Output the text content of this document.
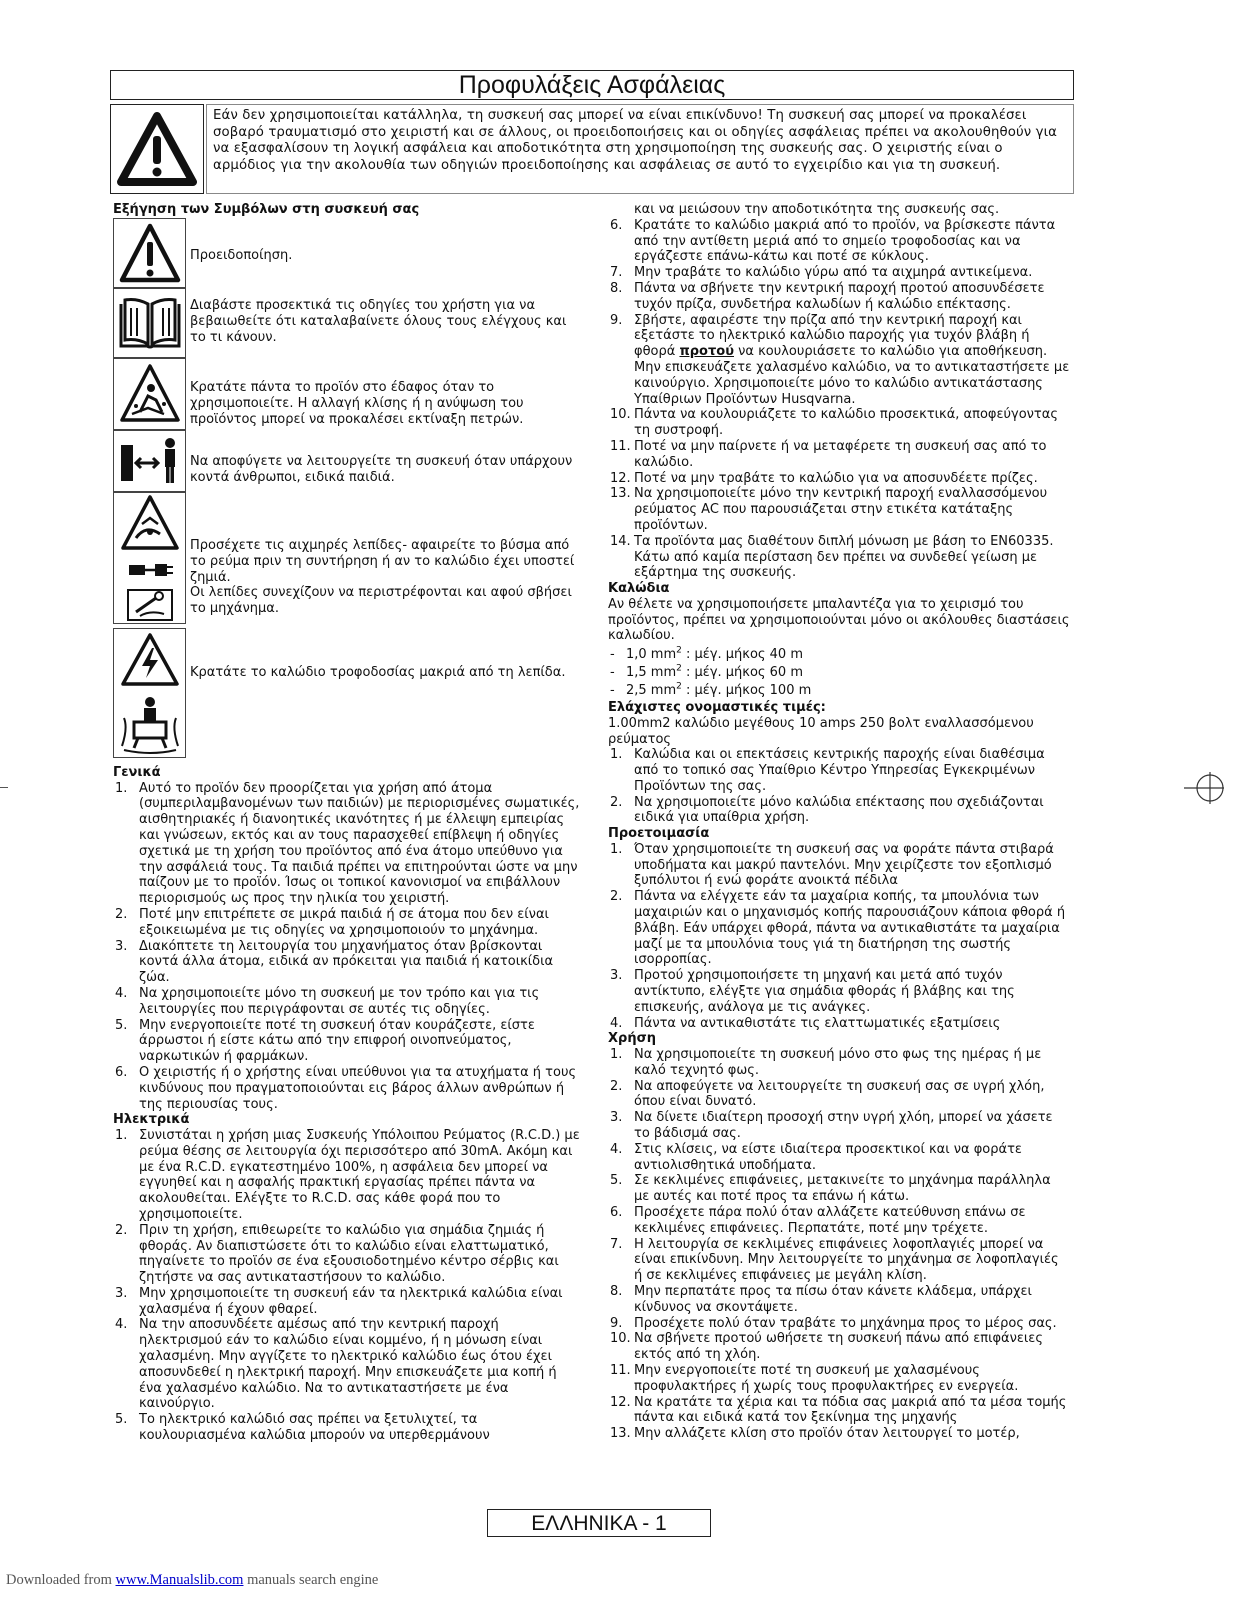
Προφυλάξεις Ασφάλειας
Εάν δεν χρησιμοποιείται κατάλληλα, τη συσκευή σας μπορεί να είναι επικίνδυνο! Τη συσκευή σας μπορεί να προκαλέσει σοβαρό τραυματισμό στο χειριστή και σε άλλους, οι προειδοποιήσεις και οι οδηγίες ασφάλειας πρέπει να ακολουθηθούν για να εξασφαλίσουν τη λογική ασφάλεια και αποδοτικότητα στη χρησιμοποίηση της συσκευής σας. Ο χειριστής είναι ο αρμόδιος για την ακολουθία των οδηγιών προειδοποίησης και ασφάλειας σε αυτό το εγχειρίδιο και για τη συσκευή.
Εξήγηση των Συμβόλων στη συσκευή σας
Προειδοποίηση.
Διαβάστε προσεκτικά τις οδηγίες του χρήστη για να βεβαιωθείτε ότι καταλαβαίνετε όλους τους ελέγχους και το τι κάνουν.
Κρατάτε πάντα το προϊόν στο έδαφος όταν το χρησιμοποιείτε. Η αλλαγή κλίσης ή η ανύψωση του προϊόντος μπορεί να προκαλέσει εκτίναξη πετρών.
Να αποφύγετε να λειτουργείτε τη συσκευή όταν υπάρχουν κοντά άνθρωποι, ειδικά παιδιά.
Προσέχετε τις αιχμηρές λεπίδες- αφαιρείτε το βύσμα από το ρεύμα πριν τη συντήρηση ή αν το καλώδιο έχει υποστεί ζημιά.
Οι λεπίδες συνεχίζουν να περιστρέφονται και αφού σβήσει το μηχάνημα.
Κρατάτε το καλώδιο τροφοδοσίας μακριά από τη λεπίδα.
Γενικά
1. Αυτό το προϊόν δεν προορίζεται για χρήση από άτομα (συμπεριλαμβανομένων των παιδιών) με περιορισμένες σωματικές, αισθητηριακές ή διανοητικές ικανότητες ή με έλλειψη εμπειρίας και γνώσεων, εκτός και αν τους παρασχεθεί επίβλεψη ή οδηγίες σχετικά με τη χρήση του προϊόντος από ένα άτομο υπεύθυνο για την ασφάλειά τους. Τα παιδιά πρέπει να επιτηρούνται ώστε να μην παίζουν με το προϊόν. Ίσως οι τοπικοί κανονισμοί να επιβάλλουν περιορισμούς ως προς την ηλικία του χειριστή.
2. Ποτέ μην επιτρέπετε σε μικρά παιδιά ή σε άτομα που δεν είναι εξοικειωμένα με τις οδηγίες να χρησιμοποιούν το μηχάνημα.
3. Διακόπτετε τη λειτουργία του μηχανήματος όταν βρίσκονται κοντά άλλα άτομα, ειδικά αν πρόκειται για παιδιά ή κατοικίδια ζώα.
4. Να χρησιμοποιείτε μόνο τη συσκευή με τον τρόπο και για τις λειτουργίες που περιγράφονται σε αυτές τις οδηγίες.
5. Μην ενεργοποιείτε ποτέ τη συσκευή όταν κουράζεστε, είστε άρρωστοι ή είστε κάτω από την επιφροή οινοπνεύματος, ναρκωτικών ή φαρμάκων.
6. Ο χειριστής ή ο χρήστης είναι υπεύθυνοι για τα ατυχήματα ή τους κινδύνους που πραγματοποιούνται εις βάρος άλλων ανθρώπων ή της περιουσίας τους.
Ηλεκτρικά
1. Συνιστάται η χρήση μιας Συσκευής Υπόλοιπου Ρεύματος (R.C.D.) με ρεύμα θέσης σε λειτουργία όχι περισσότερο από 30mA. Ακόμη και με ένα R.C.D. εγκατεστημένο 100%, η ασφάλεια δεν μπορεί να εγγυηθεί και η ασφαλής πρακτική εργασίας πρέπει πάντα να ακολουθείται. Ελέγξτε το R.C.D. σας κάθε φορά που το χρησιμοποιείτε.
2. Πριν τη χρήση, επιθεωρείτε το καλώδιο για σημάδια ζημιάς ή φθοράς. Αν διαπιστώσετε ότι το καλώδιο είναι ελαττωματικό, πηγαίνετε το προϊόν σε ένα εξουσιοδοτημένο κέντρο σέρβις και ζητήστε να σας αντικαταστήσουν το καλώδιο.
3. Μην χρησιμοποιείτε τη συσκευή εάν τα ηλεκτρικά καλώδια είναι χαλασμένα ή έχουν φθαρεί.
4. Να την αποσυνδέετε αμέσως από την κεντρική παροχή ηλεκτρισμού εάν το καλώδιο είναι κομμένο, ή η μόνωση είναι χαλασμένη. Μην αγγίζετε το ηλεκτρικό καλώδιο έως ότου έχει αποσυνδεθεί η ηλεκτρική παροχή. Μην επισκευάζετε μια κοπή ή ένα χαλασμένο καλώδιο. Να το αντικαταστήσετε με ένα καινούργιο.
5. Το ηλεκτρικό καλώδιό σας πρέπει να ξετυλιχτεί, τα κουλουριασμένα καλώδια μπορούν να υπερθερμάνουν
και να μειώσουν την αποδοτικότητα της συσκευής σας.
6. Κρατάτε το καλώδιο μακριά από το προϊόν, να βρίσκεστε πάντα από την αντίθετη μεριά από το σημείο τροφοδοσίας και να εργάζεστε επάνω-κάτω και ποτέ σε κύκλους.
7. Μην τραβάτε το καλώδιο γύρω από τα αιχμηρά αντικείμενα.
8. Πάντα να σβήνετε την κεντρική παροχή προτού αποσυνδέσετε τυχόν πρίζα, συνδετήρα καλωδίων ή καλώδιο επέκτασης.
9. Σβήστε, αφαιρέστε την πρίζα από την κεντρική παροχή και εξετάστε το ηλεκτρικό καλώδιο παροχής για τυχόν βλάβη ή φθορά προτού να κουλουριάσετε το καλώδιο για αποθήκευση. Μην επισκευάζετε χαλασμένο καλώδιο, να το αντικαταστήσετε με καινούργιο. Χρησιμοποιείτε μόνο το καλώδιο αντικατάστασης Υπαίθριων Προϊόντων Husqvarna.
10. Πάντα να κουλουριάζετε το καλώδιο προσεκτικά, αποφεύγοντας τη συστροφή.
11. Ποτέ να μην παίρνετε ή να μεταφέρετε τη συσκευή σας από το καλώδιο.
12. Ποτέ να μην τραβάτε το καλώδιο για να αποσυνδέετε πρίζες.
13. Να χρησιμοποιείτε μόνο την κεντρική παροχή εναλλασσόμενου ρεύματος AC που παρουσιάζεται στην ετικέτα κατάταξης προϊόντων.
14. Τα προϊόντα μας διαθέτουν διπλή μόνωση με βάση το EN60335. Κάτω από καμία περίσταση δεν πρέπει να συνδεθεί γείωση με εξάρτημα της συσκευής.
Καλώδια
Αν θέλετε να χρησιμοποιήσετε μπαλαντέζα για το χειρισμό του προϊόντος, πρέπει να χρησιμοποιούνται μόνο οι ακόλουθες διαστάσεις καλωδίου.
- 1,0 $mm^2$ : μέγ. μήκος 40 m
- 1,5 $mm^2$ : μέγ. μήκος 60 m
- 2,5 $mm^2$ : μέγ. μήκος 100 m
Ελάχιστες ονομαστικές τιμές:
1.00mm2 καλώδιο μεγέθους 10 amps 250 βολτ εναλλασσόμενου ρεύματος
1. Καλώδια και οι επεκτάσεις κεντρικής παροχής είναι διαθέσιμα από το τοπικό σας Υπαίθριο Κέντρο Υπηρεσίας Εγκεκριμένων Προϊόντων της σας.
2. Να χρησιμοποιείτε μόνο καλώδια επέκτασης που σχεδιάζονται ειδικά για υπαίθρια χρήση.
Προετοιμασία
1. Όταν χρησιμοποιείτε τη συσκευή σας να φοράτε πάντα στιβαρά υποδήματα και μακρύ παντελόνι. Μην χειρίζεστε τον εξοπλισμό ξυπόλυτοι ή ενώ φοράτε ανοικτά πέδιλα
2. Πάντα να ελέγχετε εάν τα μαχαίρια κοπής, τα μπουλόνια των μαχαιριών και ο μηχανισμός κοπής παρουσιάζουν κάποια φθορά ή βλάβη. Εάν υπάρχει φθορά, πάντα να αντικαθιστάτε τα μαχαίρια μαζί με τα μπουλόνια τους γιά τη διατήρηση της σωστής ισορροπίας.
3. Προτού χρησιμοποιήσετε τη μηχανή και μετά από τυχόν αντίκτυπο, ελέγξτε για σημάδια φθοράς ή βλάβης και της επισκευής, ανάλογα με τις ανάγκες.
4. Πάντα να αντικαθιστάτε τις ελαττωματικές εξατμίσεις
Χρήση
1. Να χρησιμοποιείτε τη συσκευή μόνο στο φως της ημέρας ή με καλό τεχνητό φως.
2. Να αποφεύγετε να λειτουργείτε τη συσκευή σας σε υγρή χλόη, όπου είναι δυνατό.
3. Να δίνετε ιδιαίτερη προσοχή στην υγρή χλόη, μπορεί να χάσετε το βάδισμά σας.
4. Στις κλίσεις, να είστε ιδιαίτερα προσεκτικοί και να φοράτε αντιολισθητικά υποδήματα.
5. Σε κεκλιμένες επιφάνειες, μετακινείτε το μηχάνημα παράλληλα με αυτές και ποτέ προς τα επάνω ή κάτω.
6. Προσέχετε πάρα πολύ όταν αλλάζετε κατεύθυνση επάνω σε κεκλιμένες επιφάνειες. Περπατάτε, ποτέ μην τρέχετε.
7. Η λειτουργία σε κεκλιμένες επιφάνειες λοφοπλαγιές μπορεί να είναι επικίνδυνη. Μην λειτουργείτε το μηχάνημα σε λοφοπλαγιές ή σε κεκλιμένες επιφάνειες με μεγάλη κλίση.
8. Μην περπατάτε προς τα πίσω όταν κάνετε κλάδεμα, υπάρχει κίνδυνος να σκοντάψετε.
9. Προσέχετε πολύ όταν τραβάτε το μηχάνημα προς το μέρος σας.
10. Να σβήνετε προτού ωθήσετε τη συσκευή πάνω από επιφάνειες εκτός από τη χλόη.
11. Μην ενεργοποιείτε ποτέ τη συσκευή με χαλασμένους προφυλακτήρες ή χωρίς τους προφυλακτήρες εν ενεργεία.
12. Να κρατάτε τα χέρια και τα πόδια σας μακριά από τα μέσα τομής πάντα και ειδικά κατά τον ξεκίνημα της μηχανής
13. Μην αλλάζετε κλίση στο προϊόν όταν λειτουργεί το μοτέρ,
ΕΛΛΗΝΙΚΑ - 1
Downloaded from www.Manualslib.com manuals search engine
